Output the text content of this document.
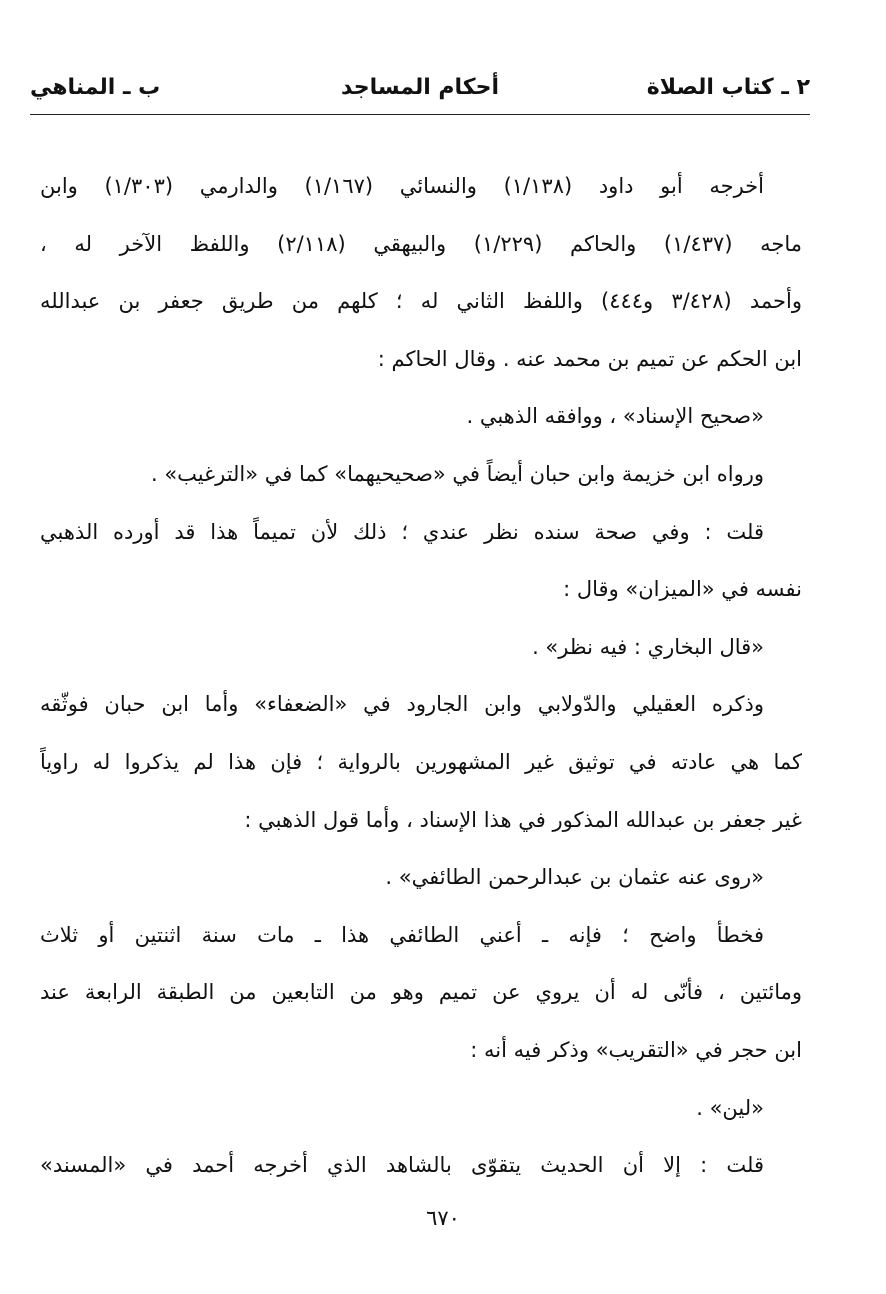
٢ ـ كتاب الصلاة
أحكام المساجد
ب ـ المناهي
أخرجه أبو داود (١/١٣٨) والنسائي (١/١٦٧) والدارمي (١/٣٠٣) وابن
ماجه (١/٤٣٧) والحاكم (١/٢٢٩) والبيهقي (٢/١١٨) واللفظ الآخر له ،
وأحمد (٣/٤٢٨ و٤٤٤) واللفظ الثاني له ؛ كلهم من طريق جعفر بن عبدالله
ابن الحكم عن تميم بن محمد عنه . وقال الحاكم :
«صحيح الإسناد» ، ووافقه الذهبي .
ورواه ابن خزيمة وابن حبان أيضاً في «صحيحيهما» كما في «الترغيب» .
قلت : وفي صحة سنده نظر عندي ؛ ذلك لأن تميماً هذا قد أورده الذهبي
نفسه في «الميزان» وقال :
«قال البخاري : فيه نظر» .
وذكره العقيلي والدّولابي وابن الجارود في «الضعفاء» وأما ابن حبان فوثّقه
كما هي عادته في توثيق غير المشهورين بالرواية ؛ فإن هذا لم يذكروا له راوياً
غير جعفر بن عبدالله المذكور في هذا الإسناد ، وأما قول الذهبي :
«روى عنه عثمان بن عبدالرحمن الطائفي» .
فخطأ واضح ؛ فإنه ـ أعني الطائفي هذا ـ مات سنة اثنتين أو ثلاث
ومائتين ، فأنّى له أن يروي عن تميم وهو من التابعين من الطبقة الرابعة عند
ابن حجر في «التقريب» وذكر فيه أنه :
«لين» .
قلت : إلا أن الحديث يتقوّى بالشاهد الذي أخرجه أحمد في «المسند»
٦٧٠
